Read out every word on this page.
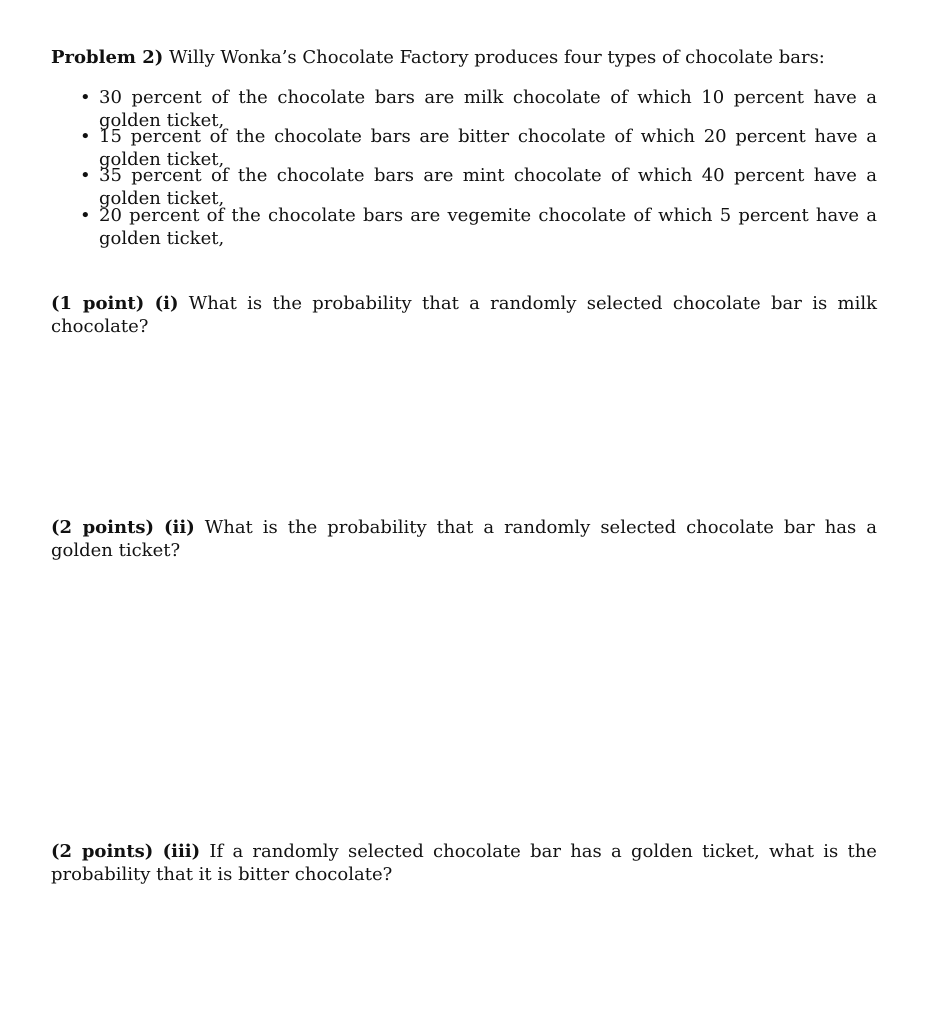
Problem 2) Willy Wonka’s Chocolate Factory produces four types of chocolate bars:
• 30 percent of the chocolate bars are milk chocolate of which 10 percent have a golden ticket,
• 15 percent of the chocolate bars are bitter chocolate of which 20 percent have a golden ticket,
• 35 percent of the chocolate bars are mint chocolate of which 40 percent have a golden ticket,
• 20 percent of the chocolate bars are vegemite chocolate of which 5 percent have a golden ticket,
(1 point) (i) What is the probability that a randomly selected chocolate bar is milk chocolate?
(2 points) (ii) What is the probability that a randomly selected chocolate bar has a golden ticket?
(2 points) (iii) If a randomly selected chocolate bar has a golden ticket, what is the probability that it is bitter chocolate?
